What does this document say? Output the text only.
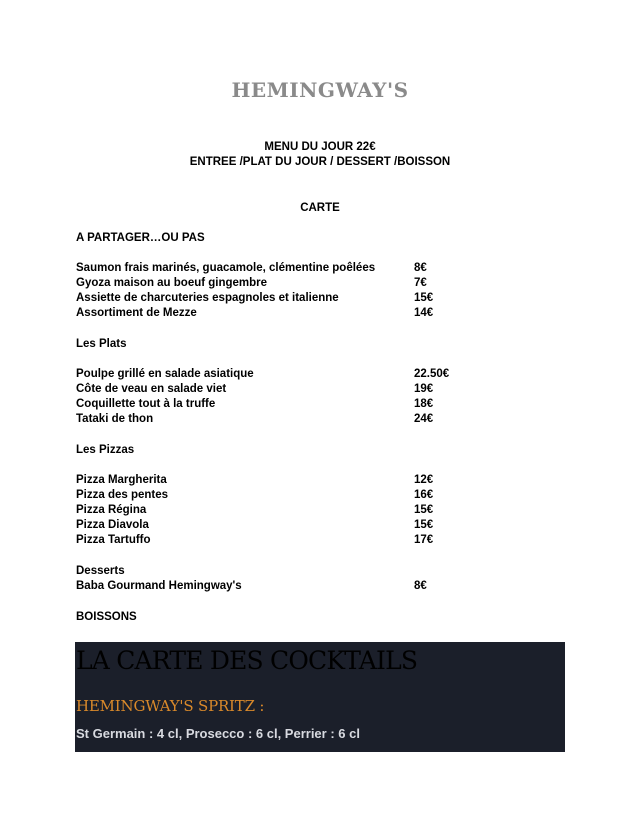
HEMINGWAY'S
MENU DU JOUR 22€
ENTREE /PLAT DU JOUR / DESSERT /BOISSON
CARTE
A PARTAGER…OU PAS
Saumon frais marinés, guacamole, clémentine poêlées	8€
Gyoza maison au boeuf gingembre	7€
Assiette de charcuteries espagnoles et italienne	15€
Assortiment de Mezze	14€
Les Plats
Poulpe grillé en salade asiatique	22.50€
Côte de veau en salade viet	19€
Coquillette tout à la truffe	18€
Tataki de thon	24€
Les Pizzas
Pizza Margherita	12€
Pizza des pentes	16€
Pizza Régina	15€
Pizza Diavola	15€
Pizza Tartuffo	17€
Desserts
Baba Gourmand Hemingway's	8€
BOISSONS
LA CARTE DES COCKTAILS
HEMINGWAY'S SPRITZ :
St Germain : 4 cl, Prosecco : 6 cl, Perrier : 6 cl
